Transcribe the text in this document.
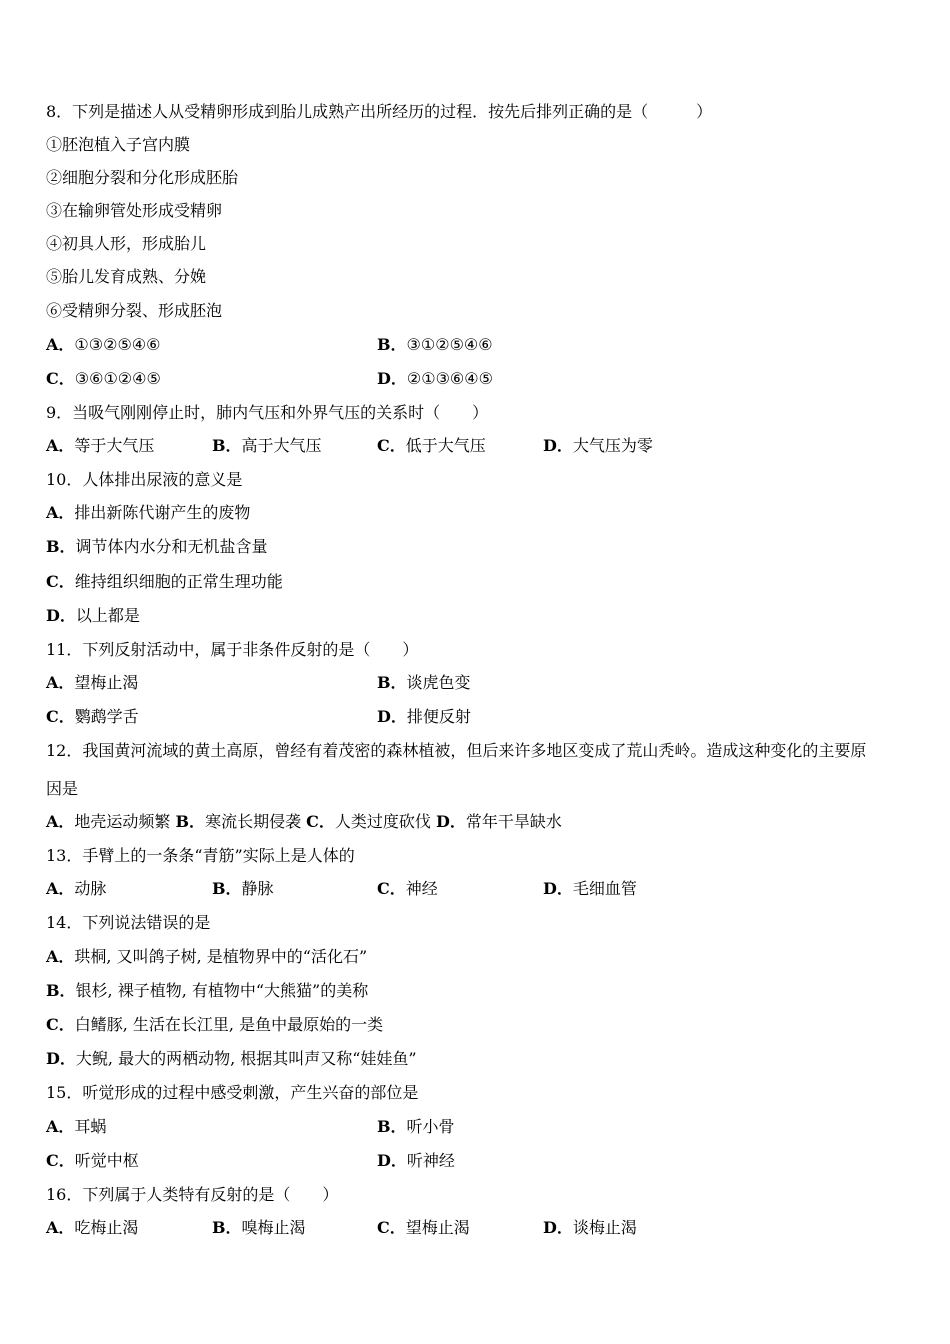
8．下列是描述人从受精卵形成到胎儿成熟产出所经历的过程．按先后排列正确的是（　　　）
①胚泡植入子宫内膜
②细胞分裂和分化形成胚胎
③在输卵管处形成受精卵
④初具人形，形成胎儿
⑤胎儿发育成熟、分娩
⑥受精卵分裂、形成胚泡
A．①③②⑤④⑥	B．③①②⑤④⑥
C．③⑥①②④⑤	D．②①③⑥④⑤
9．当吸气刚刚停止时，肺内气压和外界气压的关系时（　　）
A．等于大气压	B．高于大气压	C．低于大气压	D．大气压为零
10．人体排出尿液的意义是
A．排出新陈代谢产生的废物
B．调节体内水分和无机盐含量
C．维持组织细胞的正常生理功能
D．以上都是
11．下列反射活动中，属于非条件反射的是（　　）
A．望梅止渴	B．谈虎色变
C．鹦鹉学舌	D．排便反射
12．我国黄河流域的黄土高原，曾经有着茂密的森林植被，但后来许多地区变成了荒山秃岭。造成这种变化的主要原
因是
A．地壳运动频繁 B．寒流长期侵袭 C．人类过度砍伐 D．常年干旱缺水
13．手臂上的一条条“青筋”实际上是人体的
A．动脉	B．静脉	C．神经	D．毛细血管
14．下列说法错误的是
A．珙桐, 又叫鸽子树, 是植物界中的“活化石”
B．银杉, 裸子植物, 有植物中“大熊猫”的美称
C．白鳍豚, 生活在长江里, 是鱼中最原始的一类
D．大鲵, 最大的两栖动物, 根据其叫声又称“娃娃鱼”
15．听觉形成的过程中感受刺激，产生兴奋的部位是
A．耳蜗	B．听小骨
C．听觉中枢	D．听神经
16．下列属于人类特有反射的是（　　）
A．吃梅止渴	B．嗅梅止渴	C．望梅止渴	D．谈梅止渴
